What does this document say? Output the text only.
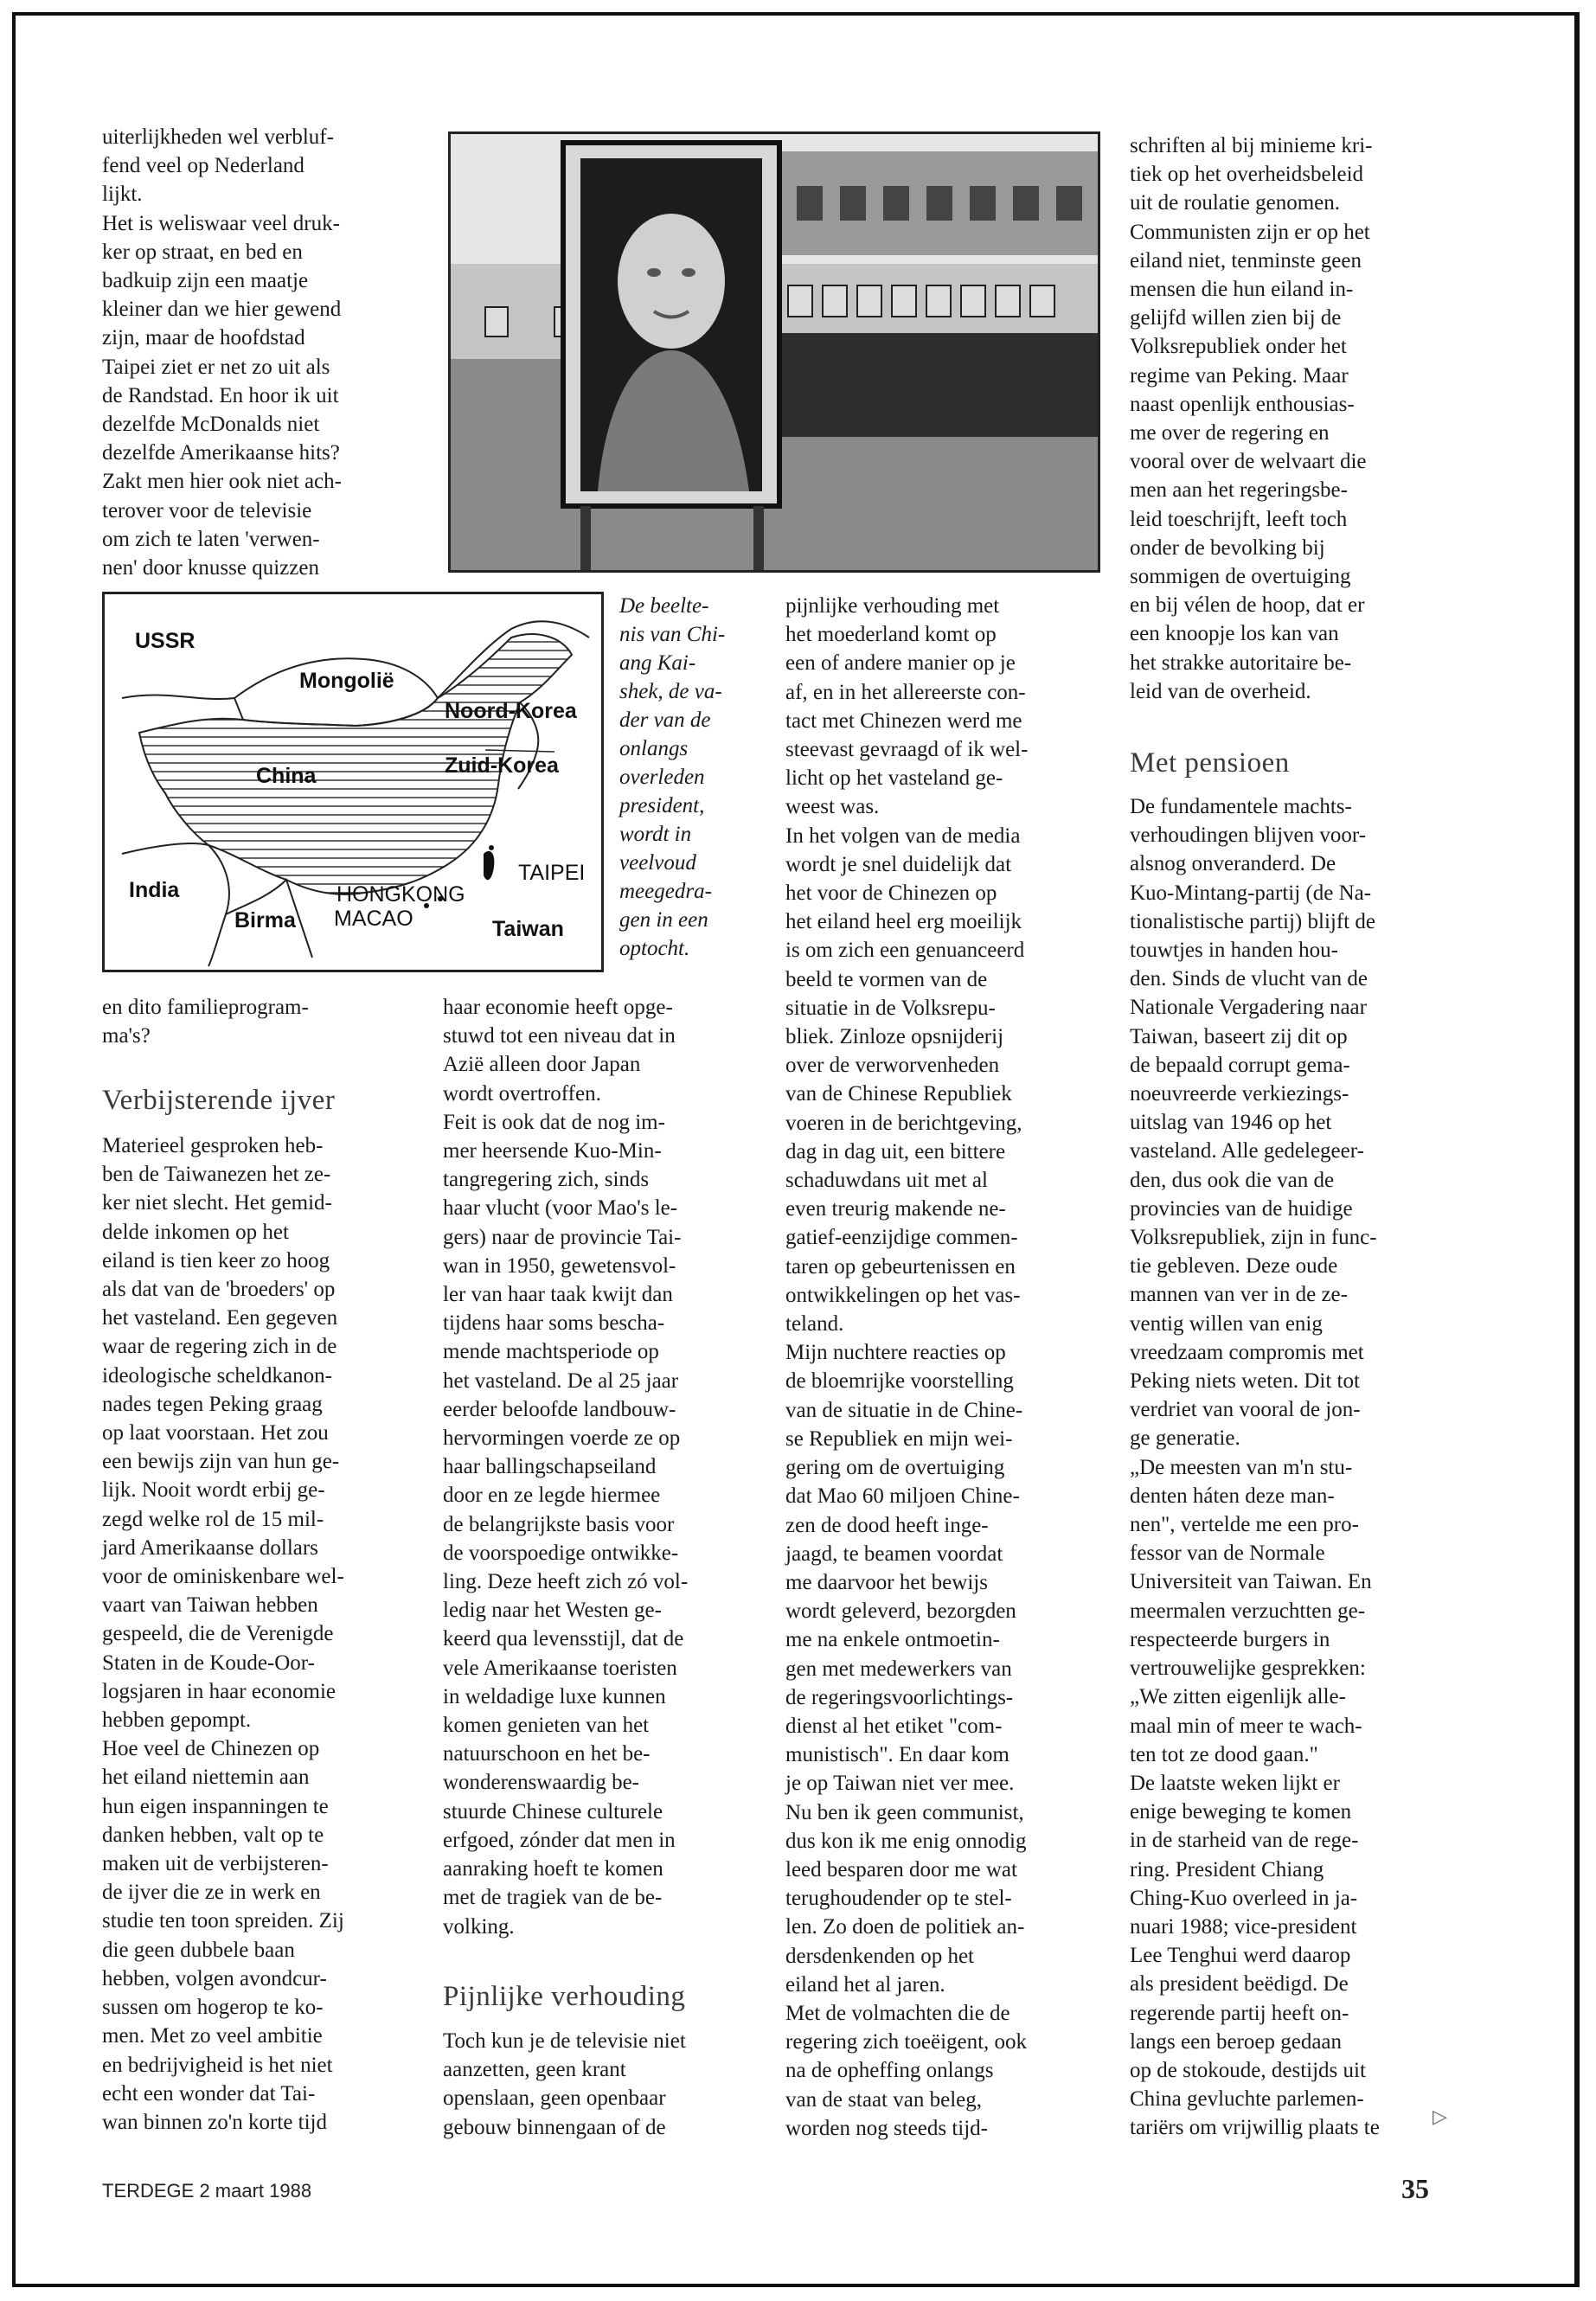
uiterlijkheden wel verbluf-
fend veel op Nederland
lijkt.
Het is weliswaar veel druk-
ker op straat, en bed en
badkuip zijn een maatje
kleiner dan we hier gewend
zijn, maar de hoofdstad
Taipei ziet er net zo uit als
de Randstad. En hoor ik uit
dezelfde McDonalds niet
dezelfde Amerikaanse hits?
Zakt men hier ook niet ach-
terover voor de televisie
om zich te laten 'verwen-
nen' door knusse quizzen
USSR
Mongolië
Noord-Korea
Zuid-Korea
China
India
Birma
HONGKONG
MACAO
TAIPEI
Taiwan
en dito familieprogram-
ma's?
Verbijsterende ijver
Materieel gesproken heb-
ben de Taiwanezen het ze-
ker niet slecht. Het gemid-
delde inkomen op het
eiland is tien keer zo hoog
als dat van de 'broeders' op
het vasteland. Een gegeven
waar de regering zich in de
ideologische scheldkanon-
nades tegen Peking graag
op laat voorstaan. Het zou
een bewijs zijn van hun ge-
lijk. Nooit wordt erbij ge-
zegd welke rol de 15 mil-
jard Amerikaanse dollars
voor de ominiskenbare wel-
vaart van Taiwan hebben
gespeeld, die de Verenigde
Staten in de Koude-Oor-
logsjaren in haar economie
hebben gepompt.
Hoe veel de Chinezen op
het eiland niettemin aan
hun eigen inspanningen te
danken hebben, valt op te
maken uit de verbijsteren-
de ijver die ze in werk en
studie ten toon spreiden. Zij
die geen dubbele baan
hebben, volgen avondcur-
sussen om hogerop te ko-
men. Met zo veel ambitie
en bedrijvigheid is het niet
echt een wonder dat Tai-
wan binnen zo'n korte tijd
De beelte-
nis van Chi-
ang Kai-
shek, de va-
der van de
onlangs
overleden
president,
wordt in
veelvoud
meegedra-
gen in een
optocht.
haar economie heeft opge-
stuwd tot een niveau dat in
Azië alleen door Japan
wordt overtroffen.
Feit is ook dat de nog im-
mer heersende Kuo-Min-
tangregering zich, sinds
haar vlucht (voor Mao's le-
gers) naar de provincie Tai-
wan in 1950, gewetensvol-
ler van haar taak kwijt dan
tijdens haar soms bescha-
mende machtsperiode op
het vasteland. De al 25 jaar
eerder beloofde landbouw-
hervormingen voerde ze op
haar ballingschapseiland
door en ze legde hiermee
de belangrijkste basis voor
de voorspoedige ontwikke-
ling. Deze heeft zich zó vol-
ledig naar het Westen ge-
keerd qua levensstijl, dat de
vele Amerikaanse toeristen
in weldadige luxe kunnen
komen genieten van het
natuurschoon en het be-
wonderenswaardig be-
stuurde Chinese culturele
erfgoed, zónder dat men in
aanraking hoeft te komen
met de tragiek van de be-
volking.
Pijnlijke verhouding
Toch kun je de televisie niet
aanzetten, geen krant
openslaan, geen openbaar
gebouw binnengaan of de
pijnlijke verhouding met
het moederland komt op
een of andere manier op je
af, en in het allereerste con-
tact met Chinezen werd me
steevast gevraagd of ik wel-
licht op het vasteland ge-
weest was.
In het volgen van de media
wordt je snel duidelijk dat
het voor de Chinezen op
het eiland heel erg moeilijk
is om zich een genuanceerd
beeld te vormen van de
situatie in de Volksrepu-
bliek. Zinloze opsnijderij
over de verworvenheden
van de Chinese Republiek
voeren in de berichtgeving,
dag in dag uit, een bittere
schaduwdans uit met al
even treurig makende ne-
gatief-eenzijdige commen-
taren op gebeurtenissen en
ontwikkelingen op het vas-
teland.
Mijn nuchtere reacties op
de bloemrijke voorstelling
van de situatie in de Chine-
se Republiek en mijn wei-
gering om de overtuiging
dat Mao 60 miljoen Chine-
zen de dood heeft inge-
jaagd, te beamen voordat
me daarvoor het bewijs
wordt geleverd, bezorgden
me na enkele ontmoetin-
gen met medewerkers van
de regeringsvoorlichtings-
dienst al het etiket "com-
munistisch". En daar kom
je op Taiwan niet ver mee.
Nu ben ik geen communist,
dus kon ik me enig onnodig
leed besparen door me wat
terughoudender op te stel-
len. Zo doen de politiek an-
dersdenkenden op het
eiland het al jaren.
Met de volmachten die de
regering zich toeëigent, ook
na de opheffing onlangs
van de staat van beleg,
worden nog steeds tijd-
schriften al bij minieme kri-
tiek op het overheidsbeleid
uit de roulatie genomen.
Communisten zijn er op het
eiland niet, tenminste geen
mensen die hun eiland in-
gelijfd willen zien bij de
Volksrepubliek onder het
regime van Peking. Maar
naast openlijk enthousias-
me over de regering en
vooral over de welvaart die
men aan het regeringsbe-
leid toeschrijft, leeft toch
onder de bevolking bij
sommigen de overtuiging
en bij vélen de hoop, dat er
een knoopje los kan van
het strakke autoritaire be-
leid van de overheid.
Met pensioen
De fundamentele machts-
verhoudingen blijven voor-
alsnog onveranderd. De
Kuo-Mintang-partij (de Na-
tionalistische partij) blijft de
touwtjes in handen hou-
den. Sinds de vlucht van de
Nationale Vergadering naar
Taiwan, baseert zij dit op
de bepaald corrupt gema-
noeuvreerde verkiezings-
uitslag van 1946 op het
vasteland. Alle gedelegeer-
den, dus ook die van de
provincies van de huidige
Volksrepubliek, zijn in func-
tie gebleven. Deze oude
mannen van ver in de ze-
ventig willen van enig
vreedzaam compromis met
Peking niets weten. Dit tot
verdriet van vooral de jon-
ge generatie.
„De meesten van m'n stu-
denten háten deze man-
nen", vertelde me een pro-
fessor van de Normale
Universiteit van Taiwan. En
meermalen verzuchtten ge-
respecteerde burgers in
vertrouwelijke gesprekken:
„We zitten eigenlijk alle-
maal min of meer te wach-
ten tot ze dood gaan."
De laatste weken lijkt er
enige beweging te komen
in de starheid van de rege-
ring. President Chiang
Ching-Kuo overleed in ja-
nuari 1988; vice-president
Lee Tenghui werd daarop
als president beëdigd. De
regerende partij heeft on-
langs een beroep gedaan
op de stokoude, destijds uit
China gevluchte parlemen-
tariërs om vrijwillig plaats te	▷
TERDEGE 2 maart 1988	35
